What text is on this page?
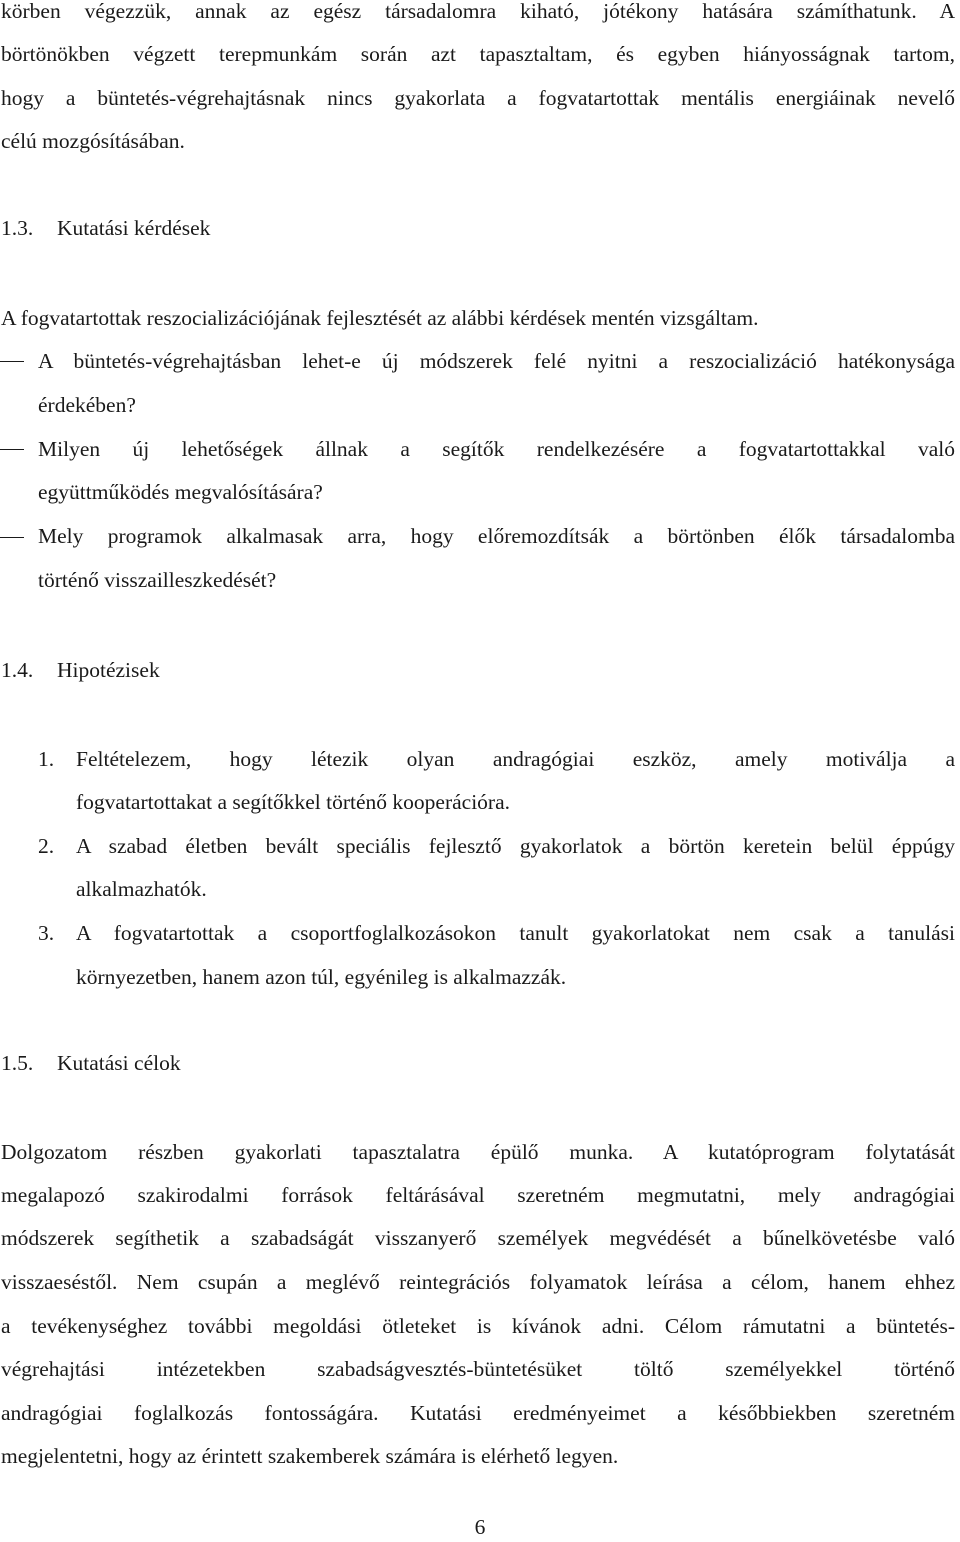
körben végezzük, annak az egész társadalomra kiható, jótékony hatására számíthatunk. A
börtönökben végzett terepmunkám során azt tapasztaltam, és egyben hiányosságnak tartom,
hogy a büntetés-végrehajtásnak nincs gyakorlata a fogvatartottak mentális energiáinak nevelő
célú mozgósításában.
1.3. Kutatási kérdések
A fogvatartottak reszocializációjának fejlesztését az alábbi kérdések mentén vizsgáltam.
A büntetés-végrehajtásban lehet-e új módszerek felé nyitni a reszocializáció hatékonysága
érdekében?
Milyen új lehetőségek állnak a segítők rendelkezésére a fogvatartottakkal való
együttműködés megvalósítására?
Mely programok alkalmasak arra, hogy előremozdítsák a börtönben élők társadalomba
történő visszailleszkedését?
1.4. Hipotézisek
1. Feltételezem, hogy létezik olyan andragógiai eszköz, amely motiválja a
fogvatartottakat a segítőkkel történő kooperációra.
2. A szabad életben bevált speciális fejlesztő gyakorlatok a börtön keretein belül éppúgy
alkalmazhatók.
3. A fogvatartottak a csoportfoglalkozásokon tanult gyakorlatokat nem csak a tanulási
környezetben, hanem azon túl, egyénileg is alkalmazzák.
1.5. Kutatási célok
Dolgozatom részben gyakorlati tapasztalatra épülő munka. A kutatóprogram folytatását
megalapozó szakirodalmi források feltárásával szeretném megmutatni, mely andragógiai
módszerek segíthetik a szabadságát visszanyerő személyek megvédését a bűnelkövetésbe való
visszaeséstől. Nem csupán a meglévő reintegrációs folyamatok leírása a célom, hanem ehhez
a tevékenységhez további megoldási ötleteket is kívánok adni. Célom rámutatni a büntetés-
végrehajtási intézetekben szabadságvesztés-büntetésüket töltő személyekkel történő
andragógiai foglalkozás fontosságára. Kutatási eredményeimet a későbbiekben szeretném
megjelentetni, hogy az érintett szakemberek számára is elérhető legyen.
6
